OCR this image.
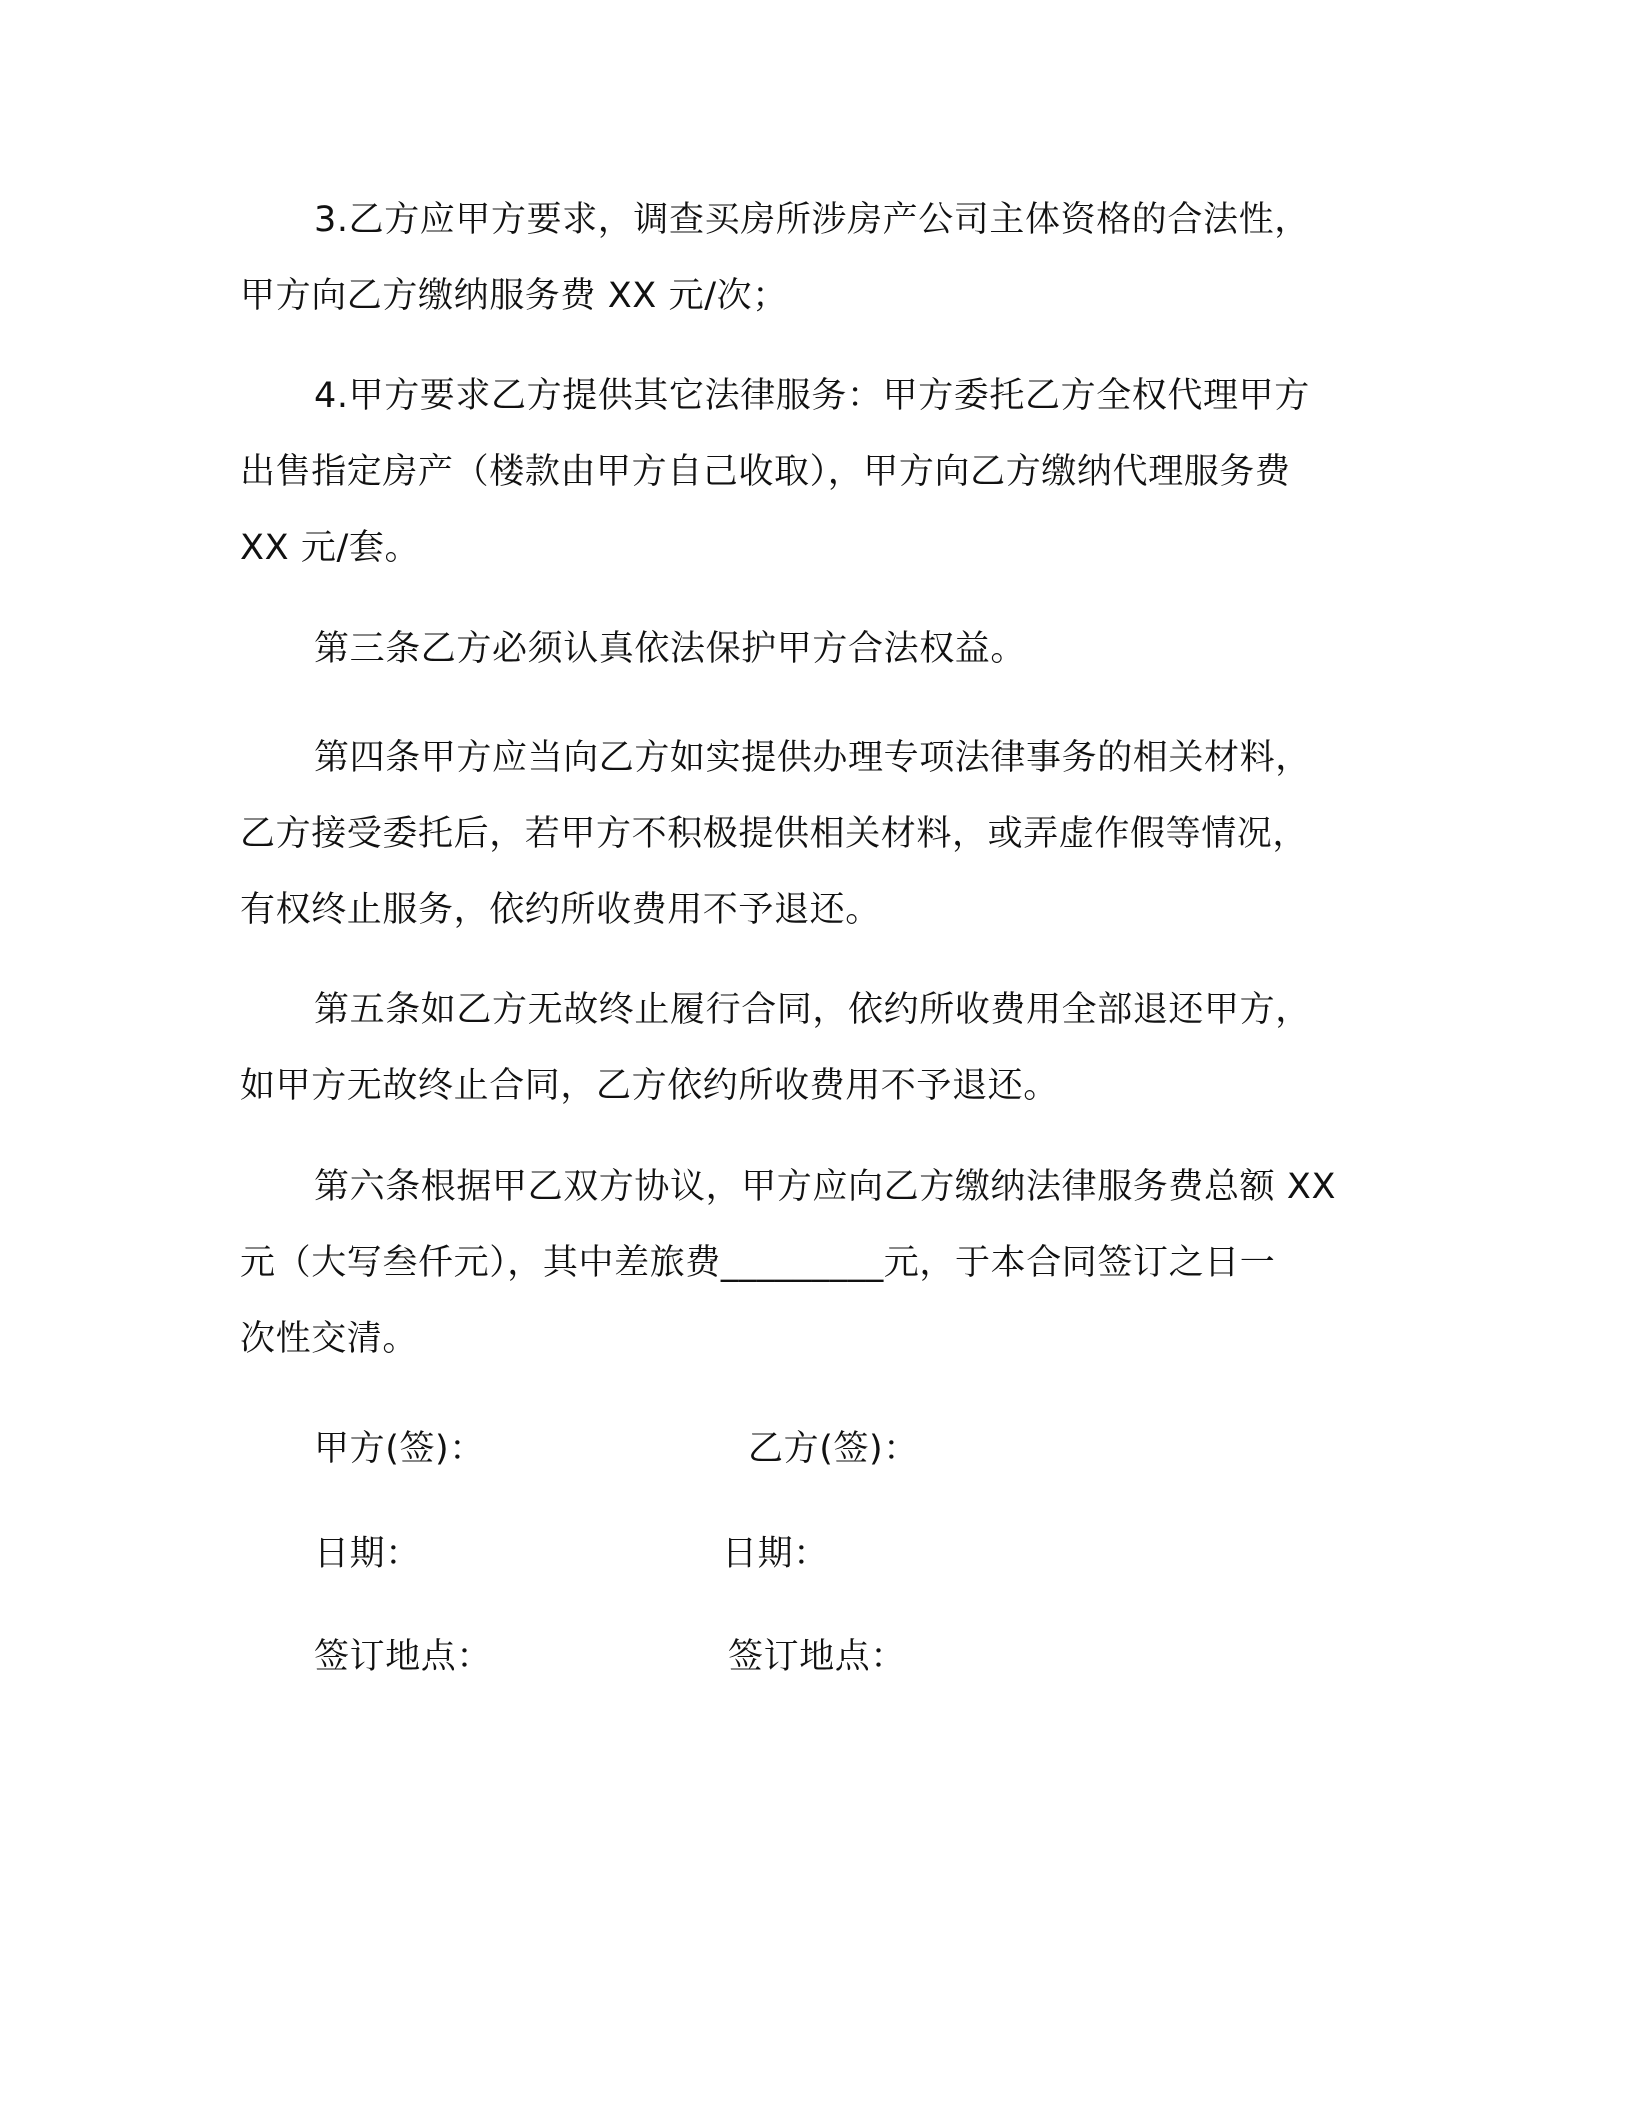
3.乙方应甲方要求，调查买房所涉房产公司主体资格的合法性，
甲方向乙方缴纳服务费 XX 元/次；
4.甲方要求乙方提供其它法律服务：甲方委托乙方全权代理甲方
出售指定房产（楼款由甲方自己收取），甲方向乙方缴纳代理服务费
XX 元/套。
第三条乙方必须认真依法保护甲方合法权益。
第四条甲方应当向乙方如实提供办理专项法律事务的相关材料，
乙方接受委托后，若甲方不积极提供相关材料，或弄虚作假等情况，
有权终止服务，依约所收费用不予退还。
第五条如乙方无故终止履行合同，依约所收费用全部退还甲方，
如甲方无故终止合同，乙方依约所收费用不予退还。
第六条根据甲乙双方协议，甲方应向乙方缴纳法律服务费总额 XX
元（大写叁仟元），其中差旅费_________元，于本合同签订之日一
次性交清。
甲方(签)：	乙方(签)：
日期：	日期：
签订地点：	签订地点：
